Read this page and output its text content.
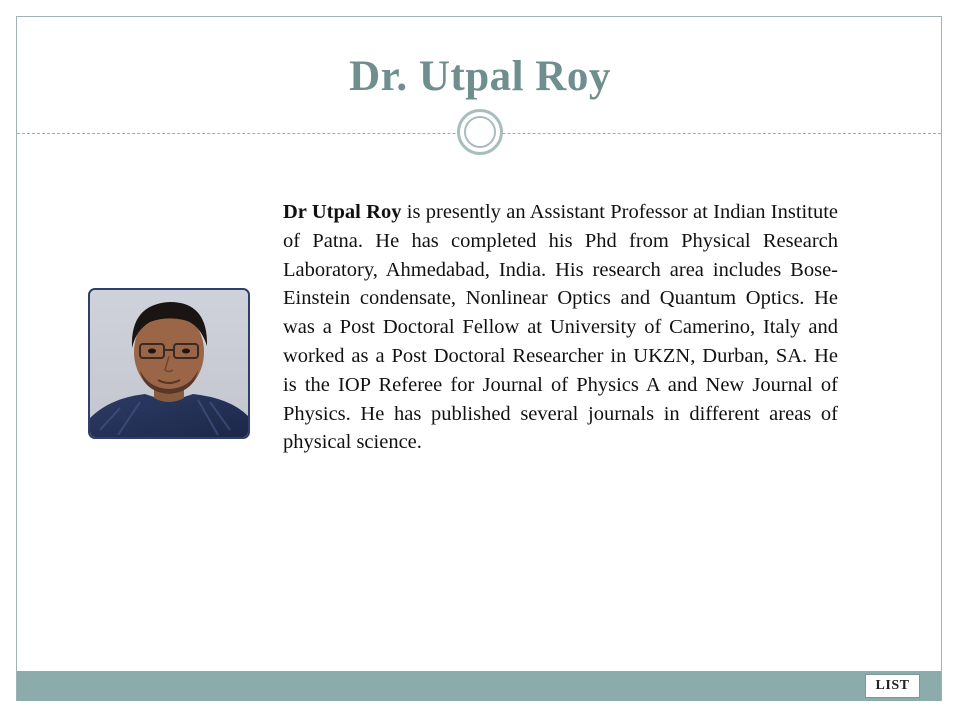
Dr. Utpal Roy
Dr Utpal Roy is presently an Assistant Professor at Indian Institute of Patna. He has completed his Phd from Physical Research Laboratory, Ahmedabad, India. His research area includes Bose-Einstein condensate, Nonlinear Optics and Quantum Optics. He was a Post Doctoral Fellow at University of Camerino, Italy and worked as a Post Doctoral Researcher in UKZN, Durban, SA. He is the IOP Referee for Journal of Physics A and New Journal of Physics. He has published several journals in different areas of physical science.
LIST
